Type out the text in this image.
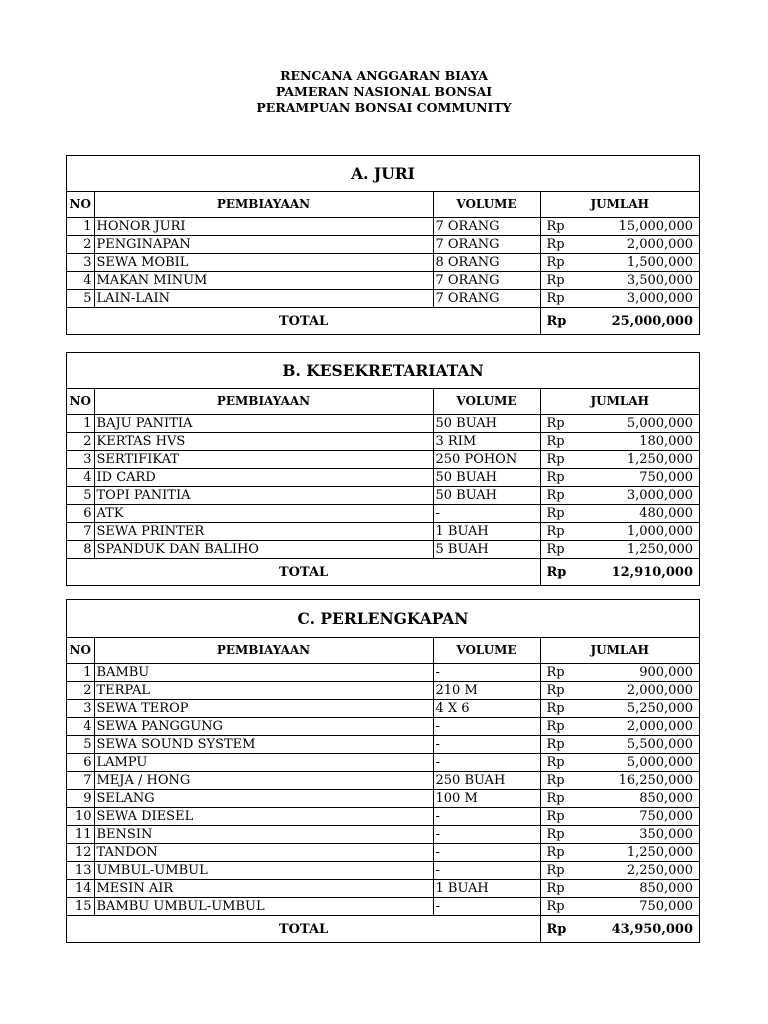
RENCANA ANGGARAN BIAYA
PAMERAN NASIONAL BONSAI
PERAMPUAN BONSAI COMMUNITY
A. JURI
NO	PEMBIAYAAN	VOLUME	JUMLAH	
1	HONOR JURI	7 ORANG	Rp	15,000,000
2	PENGINAPAN	7 ORANG	Rp	2,000,000
3	SEWA MOBIL	8 ORANG	Rp	1,500,000
4	MAKAN MINUM	7 ORANG	Rp	3,500,000
5	LAIN-LAIN	7 ORANG	Rp	3,000,000
TOTAL			Rp	25,000,000
B. KESEKRETARIATAN
NO	PEMBIAYAAN	VOLUME	JUMLAH	
1	BAJU PANITIA	50 BUAH	Rp	5,000,000
2	KERTAS HVS	3 RIM	Rp	180,000
3	SERTIFIKAT	250 POHON	Rp	1,250,000
4	ID CARD	50 BUAH	Rp	750,000
5	TOPI PANITIA	50 BUAH	Rp	3,000,000
6	ATK	-	Rp	480,000
7	SEWA PRINTER	1 BUAH	Rp	1,000,000
8	SPANDUK DAN BALIHO	5 BUAH	Rp	1,250,000
TOTAL			Rp	12,910,000
C. PERLENGKAPAN
NO	PEMBIAYAAN	VOLUME	JUMLAH	
1	BAMBU	-	Rp	900,000
2	TERPAL	210 M	Rp	2,000,000
3	SEWA TEROP	4 X 6	Rp	5,250,000
4	SEWA PANGGUNG	-	Rp	2,000,000
5	SEWA SOUND SYSTEM	-	Rp	5,500,000
6	LAMPU	-	Rp	5,000,000
7	MEJA / HONG	250 BUAH	Rp	16,250,000
9	SELANG	100 M	Rp	850,000
10	SEWA DIESEL	-	Rp	750,000
11	BENSIN	-	Rp	350,000
12	TANDON	-	Rp	1,250,000
13	UMBUL-UMBUL	-	Rp	2,250,000
14	MESIN AIR	1 BUAH	Rp	850,000
15	BAMBU UMBUL-UMBUL	-	Rp	750,000
TOTAL			Rp	43,950,000
